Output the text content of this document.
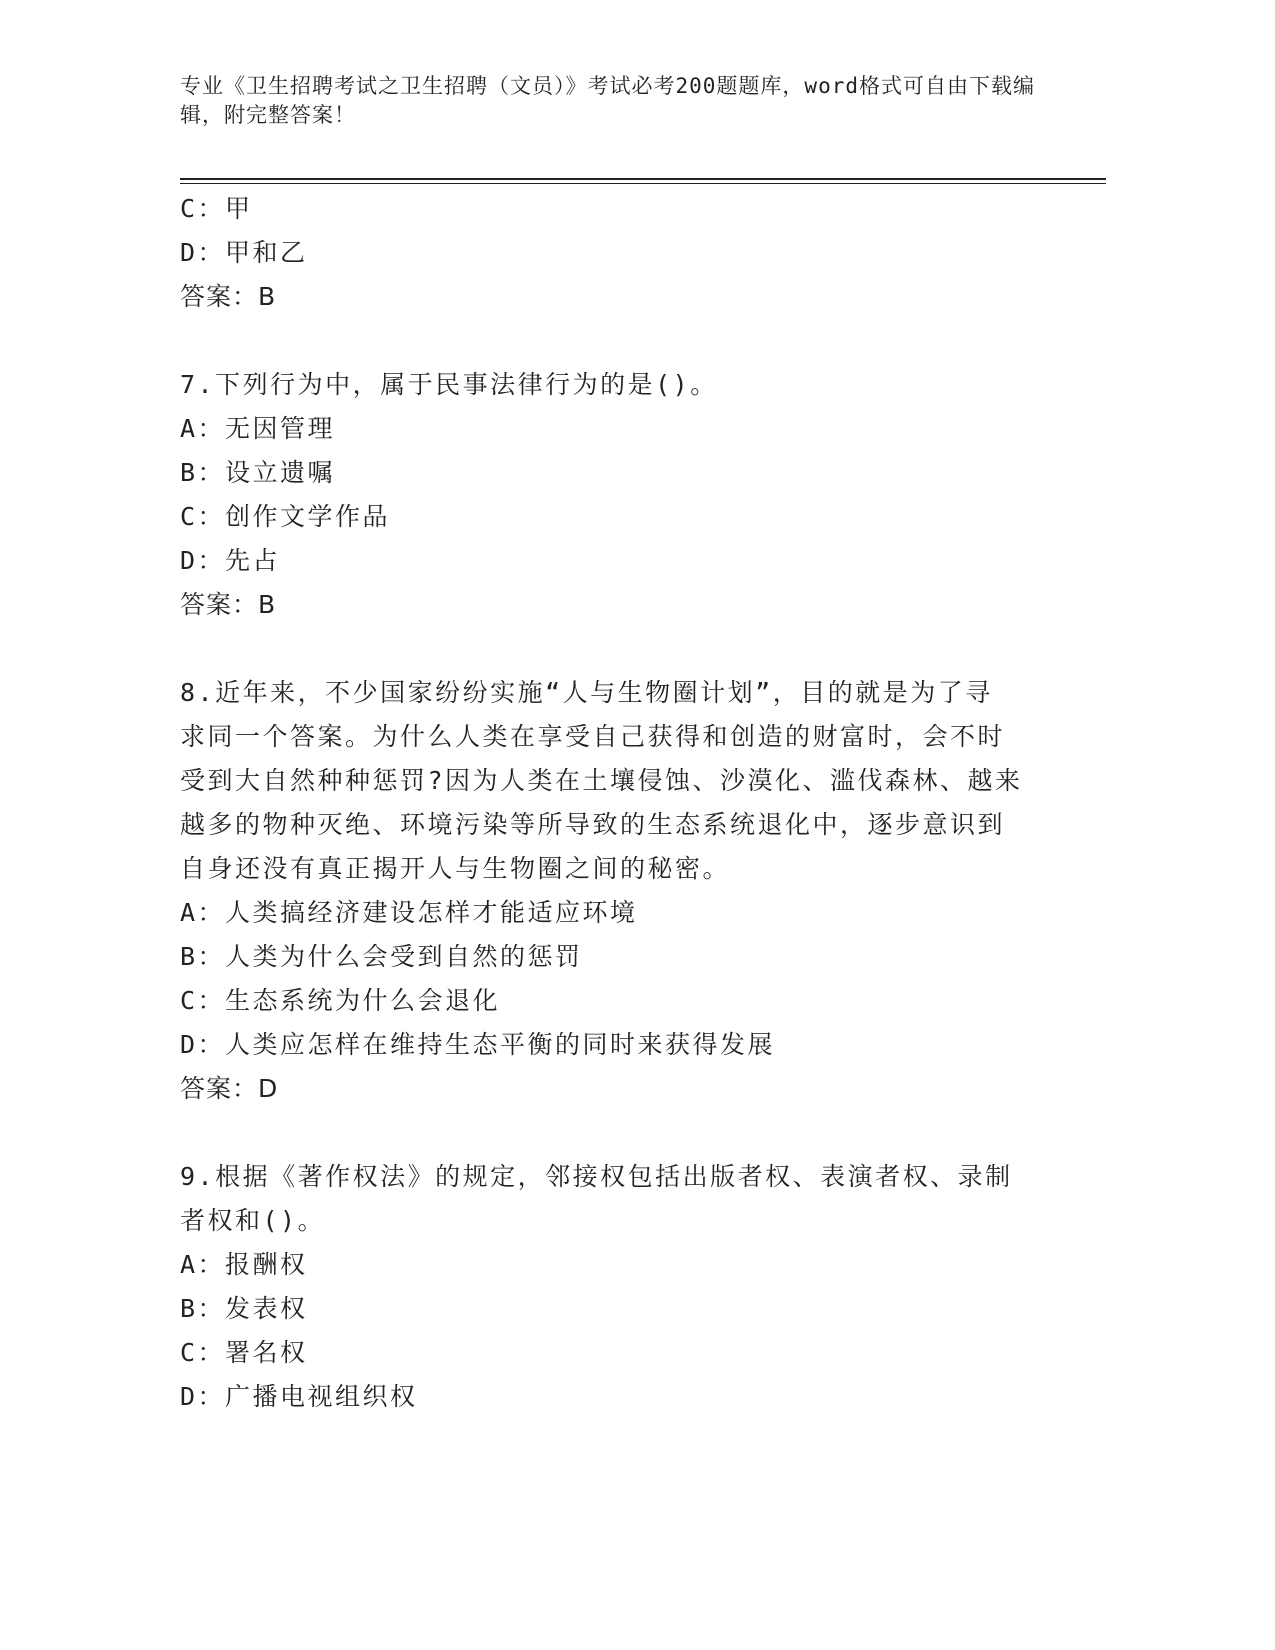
专业《卫生招聘考试之卫生招聘（文员）》考试必考200题题库，word格式可自由下载编辑，附完整答案！
C：甲
D：甲和乙
答案：B
7.下列行为中，属于民事法律行为的是()。
A：无因管理
B：设立遗嘱
C：创作文学作品
D：先占
答案：B
8.近年来，不少国家纷纷实施“人与生物圈计划”，目的就是为了寻
求同一个答案。为什么人类在享受自己获得和创造的财富时，会不时
受到大自然种种惩罚?因为人类在土壤侵蚀、沙漠化、滥伐森林、越来
越多的物种灭绝、环境污染等所导致的生态系统退化中，逐步意识到
自身还没有真正揭开人与生物圈之间的秘密。
A：人类搞经济建设怎样才能适应环境
B：人类为什么会受到自然的惩罚
C：生态系统为什么会退化
D：人类应怎样在维持生态平衡的同时来获得发展
答案：D
9.根据《著作权法》的规定，邻接权包括出版者权、表演者权、录制
者权和()。
A：报酬权
B：发表权
C：署名权
D：广播电视组织权
